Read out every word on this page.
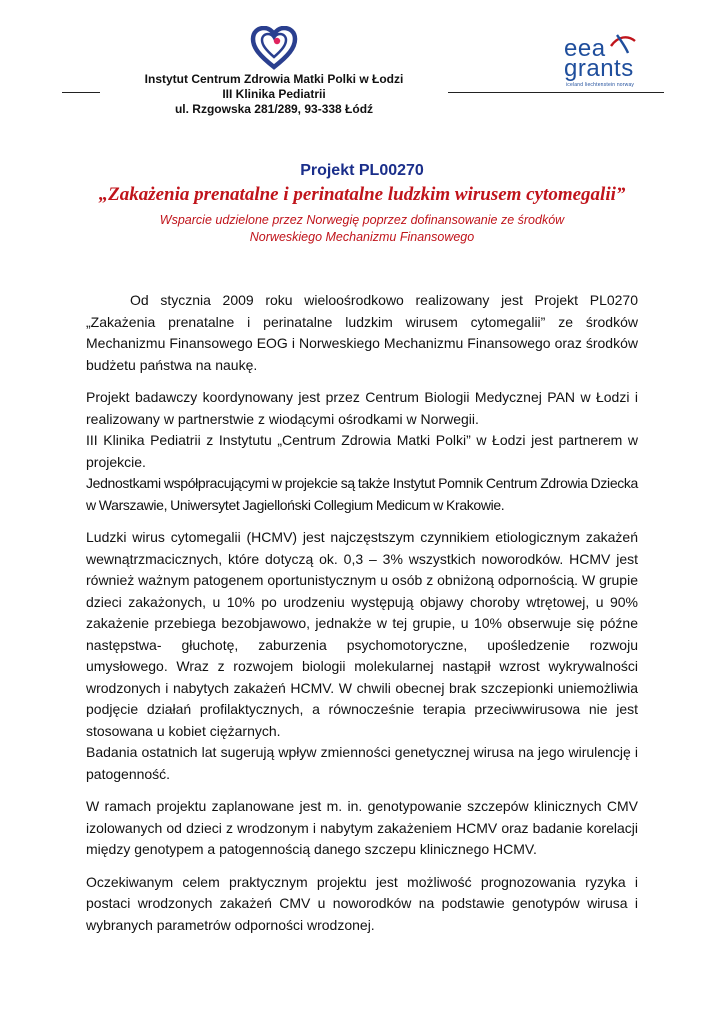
Instytut Centrum Zdrowia Matki Polki w Łodzi
III Klinika Pediatrii
ul. Rzgowska 281/289, 93-338 Łódź
eea
grants
iceland liechtenstein norway
Projekt PL00270
„Zakażenia prenatalne i perinatalne ludzkim wirusem cytomegalii”
Wsparcie udzielone przez Norwegię poprzez dofinansowanie ze środków
Norweskiego Mechanizmu Finansowego

Od stycznia 2009 roku wieloośrodkowo realizowany jest Projekt PL0270 „Zakażenia prenatalne i perinatalne ludzkim wirusem cytomegalii” ze środków Mechanizmu Finansowego EOG i Norweskiego Mechanizmu Finansowego oraz środków budżetu państwa na naukę.

Projekt badawczy koordynowany jest przez Centrum Biologii Medycznej PAN w Łodzi i realizowany w partnerstwie z wiodącymi ośrodkami w Norwegii.

III Klinika Pediatrii z Instytutu „Centrum Zdrowia Matki Polki” w Łodzi jest partnerem w projekcie.

Jednostkami współpracującymi w projekcie są także Instytut Pomnik Centrum Zdrowia Dziecka w Warszawie, Uniwersytet Jagielloński Collegium Medicum w Krakowie.

Ludzki wirus cytomegalii (HCMV) jest najczęstszym czynnikiem etiologicznym zakażeń wewnątrzmacicznych, które dotyczą ok. 0,3 – 3% wszystkich noworodków. HCMV jest również ważnym patogenem oportunistycznym u osób z obniżoną odpornością. W grupie dzieci zakażonych, u 10% po urodzeniu występują objawy choroby wtrętowej, u 90% zakażenie przebiega bezobjawowo, jednakże w tej grupie, u 10% obserwuje się późne następstwa- głuchotę, zaburzenia psychomotoryczne, upośledzenie rozwoju umysłowego. Wraz z rozwojem biologii molekularnej nastąpił wzrost wykrywalności wrodzonych i nabytych zakażeń HCMV. W chwili obecnej brak szczepionki uniemożliwia podjęcie działań profilaktycznych, a równocześnie terapia przeciwwirusowa nie jest stosowana u kobiet ciężarnych.

Badania ostatnich lat sugerują wpływ zmienności genetycznej wirusa na jego wirulencję i patogenność.

W ramach projektu zaplanowane jest m. in. genotypowanie szczepów klinicznych CMV izolowanych od dzieci z wrodzonym i nabytym zakażeniem HCMV oraz badanie korelacji między genotypem a patogennością danego szczepu klinicznego HCMV.

Oczekiwanym celem praktycznym projektu jest możliwość prognozowania ryzyka i postaci wrodzonych zakażeń CMV u noworodków na podstawie genotypów wirusa i wybranych parametrów odporności wrodzonej.
